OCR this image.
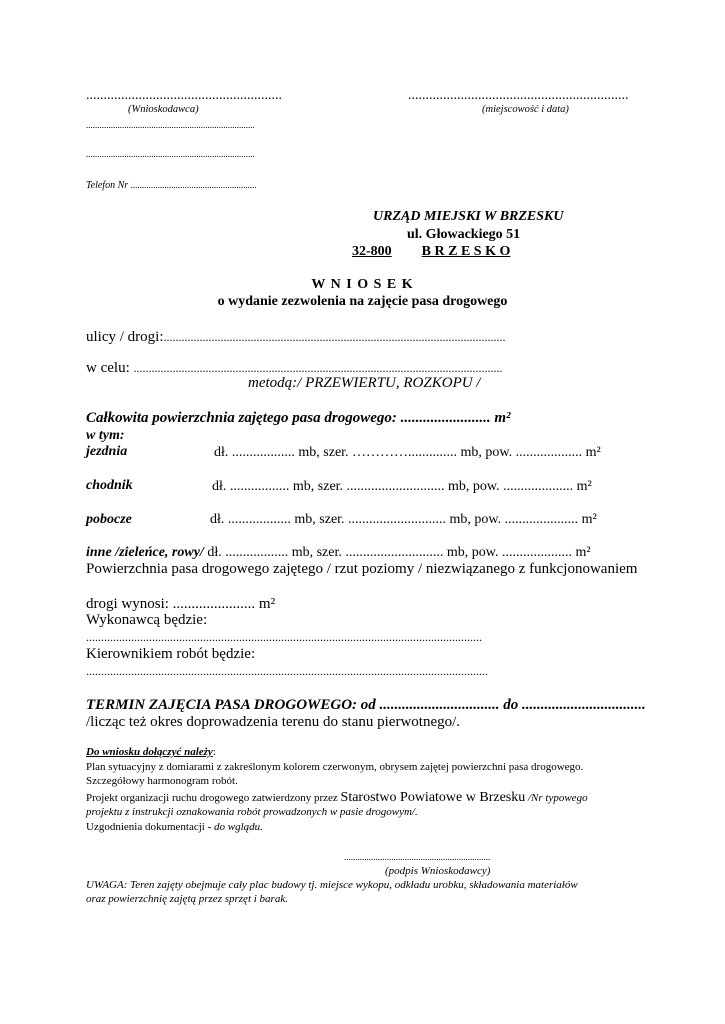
........................................................
(Wnioskodawca)
...............................................................
(miejscowość i data)
...........................................................................
...........................................................................
Telefon Nr ........................................................
URZĄD MIEJSKI W BRZESKU
ul. Głowackiego 51
32-800 B R Z E S K O
W N I O S E K
o wydanie zezwolenia na zajęcie pasa drogowego
ulicy / drogi:..................................................................................................................
w celu: ...........................................................................................................................
metodą:/ PRZEWIERTU, ROZKOPU /
Całkowita powierzchnia zajętego pasa drogowego: ........................ m²
w tym:
jezdnia	dł. .................. mb, szer. ………….............. mb, pow. ................... m²
chodnik	dł. ................. mb, szer. ............................ mb, pow. .................... m²
pobocze	dł. .................. mb, szer. ............................ mb, pow. ..................... m²
inne /zieleńce, rowy/ dł. .................. mb, szer. ............................ mb, pow. .................... m²
Powierzchnia pasa drogowego zajętego / rzut poziomy / niezwiązanego z funkcjonowaniem
drogi wynosi: ...................... m²
Wykonawcą będzie:
....................................................................................................................................
Kierownikiem robót będzie:
......................................................................................................................................
TERMIN ZAJĘCIA PASA DROGOWEGO: od ................................ do .................................
/licząc też okres doprowadzenia terenu do stanu pierwotnego/.
Do wniosku dołączyć należy:
Plan sytuacyjny z domiarami z zakreślonym kolorem czerwonym, obrysem zajętej powierzchni pasa drogowego.
Szczegółowy harmonogram robót.
Projekt organizacji ruchu drogowego zatwierdzony przez Starostwo Powiatowe w Brzesku /Nr typowego
projektu z instrukcji oznakowania robót prowadzonych w pasie drogowym/.
Uzgodnienia dokumentacji - do wglądu.
.................................................................
(podpis Wnioskodawcy)
UWAGA: Teren zajęty obejmuje cały plac budowy tj. miejsce wykopu, odkładu urobku, składowania materiałów
oraz powierzchnię zajętą przez sprzęt i barak.
